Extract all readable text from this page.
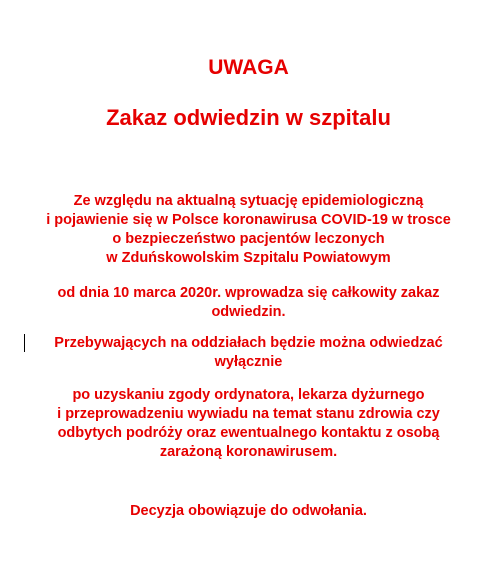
UWAGA
Zakaz odwiedzin w szpitalu
Ze względu na aktualną sytuację epidemiologiczną
i pojawienie się w Polsce koronawirusa COVID-19 w trosce
o bezpieczeństwo pacjentów leczonych
w Zduńskowolskim Szpitalu Powiatowym
od dnia 10 marca 2020r. wprowadza się całkowity zakaz
odwiedzin.
Przebywających na oddziałach będzie można odwiedzać
wyłącznie
po uzyskaniu zgody ordynatora, lekarza dyżurnego
i przeprowadzeniu wywiadu na temat stanu zdrowia czy
odbytych podróży oraz ewentualnego kontaktu z osobą
zarażoną koronawirusem.
Decyzja obowiązuje do odwołania.
